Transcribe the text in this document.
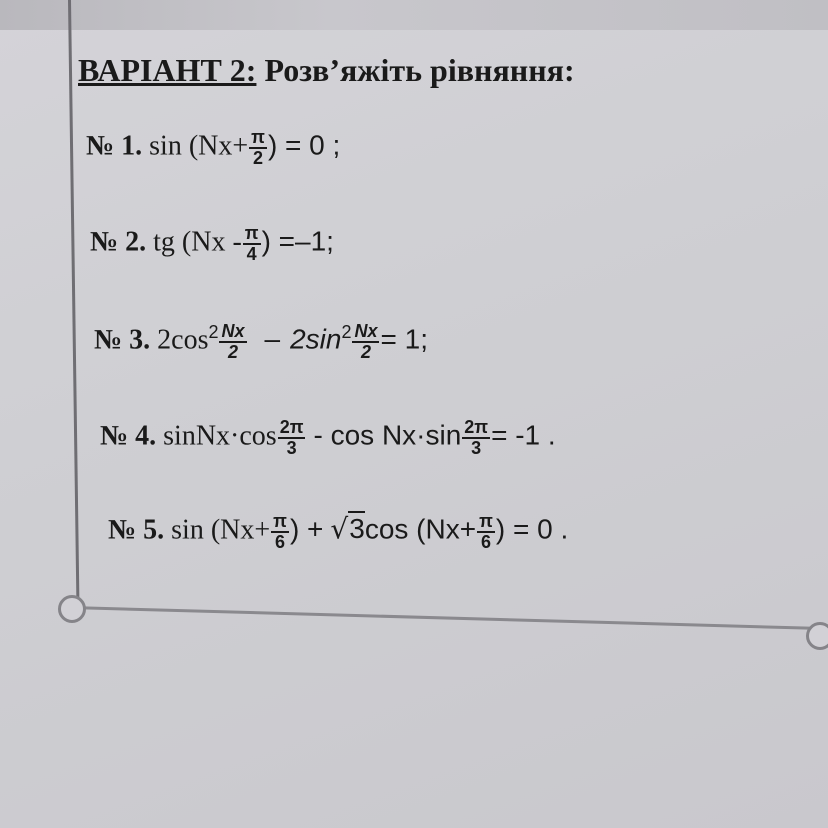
ВАРІАНТ 2: Розв’яжіть рівняння:
№ 1. $\sin (Nx+ \frac{\pi}{2}$ ) = 0 ;
№ 2. tg ($Nx - \frac{\pi}{4}$ ) =–1;
№ 3. $2\cos^2 \frac{Nx}{2} - 2\sin^2 \frac{Nx}{2} = 1$;
№ 4. sinNx·cos $\frac{2\pi}{3} - \cos Nx\cdot\sin \frac{2\pi}{3} = -1$ .
№ 5. $\sin (Nx+ \frac{\pi}{6}$ ) + √3cos ($Nx+ \frac{\pi}{6}$ ) = 0 .
